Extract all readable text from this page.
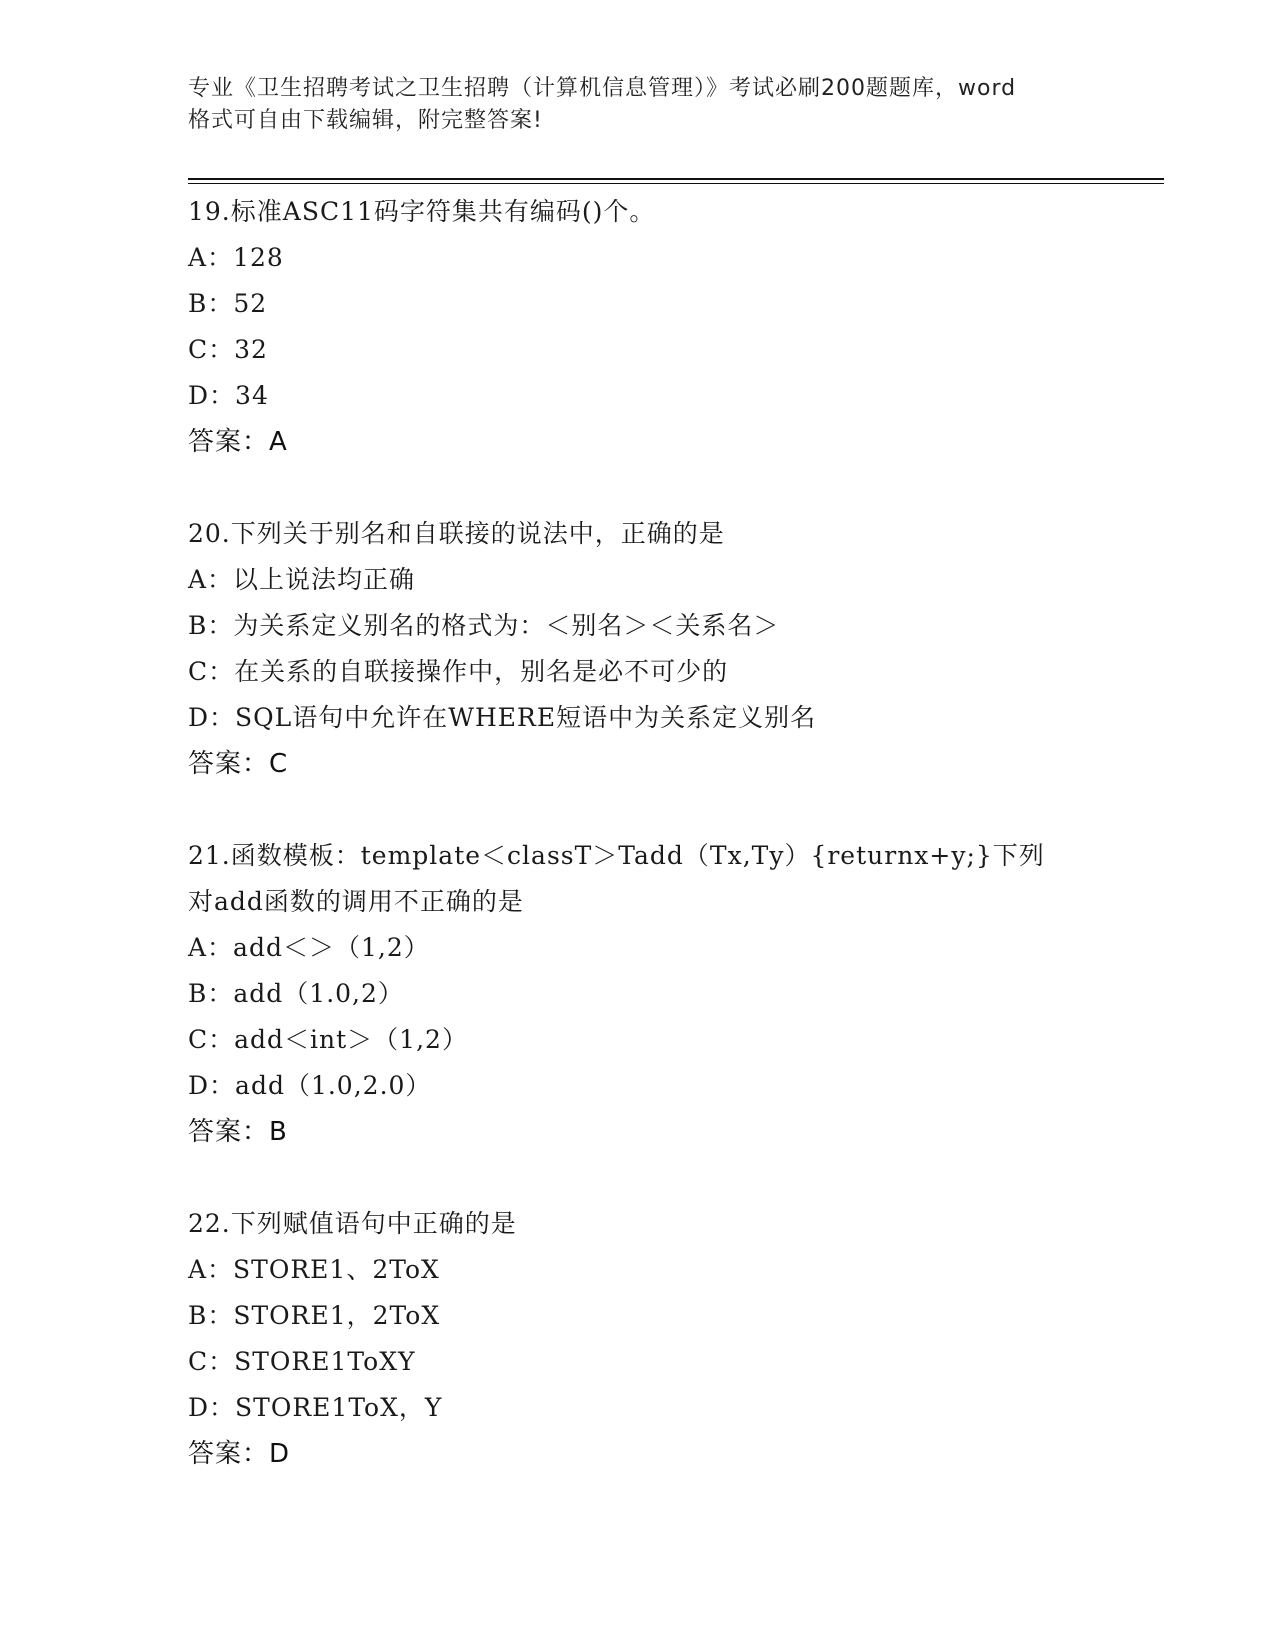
专业《卫生招聘考试之卫生招聘（计算机信息管理）》考试必刷200题题库，word
格式可自由下载编辑，附完整答案!
19.标准ASC11码字符集共有编码()个。
A：128
B：52
C：32
D：34
答案：A
20.下列关于别名和自联接的说法中，正确的是
A：以上说法均正确
B：为关系定义别名的格式为：＜别名＞＜关系名＞
C：在关系的自联接操作中，别名是必不可少的
D：SQL语句中允许在WHERE短语中为关系定义别名
答案：C
21.函数模板：template＜classT＞Tadd（Tx,Ty）{returnx+y;}下列
对add函数的调用不正确的是
A：add＜＞（1,2）
B：add（1.0,2）
C：add＜int＞（1,2）
D：add（1.0,2.0）
答案：B
22.下列赋值语句中正确的是
A：STORE1、2ToX
B：STORE1，2ToX
C：STORE1ToXY
D：STORE1ToX，Y
答案：D
